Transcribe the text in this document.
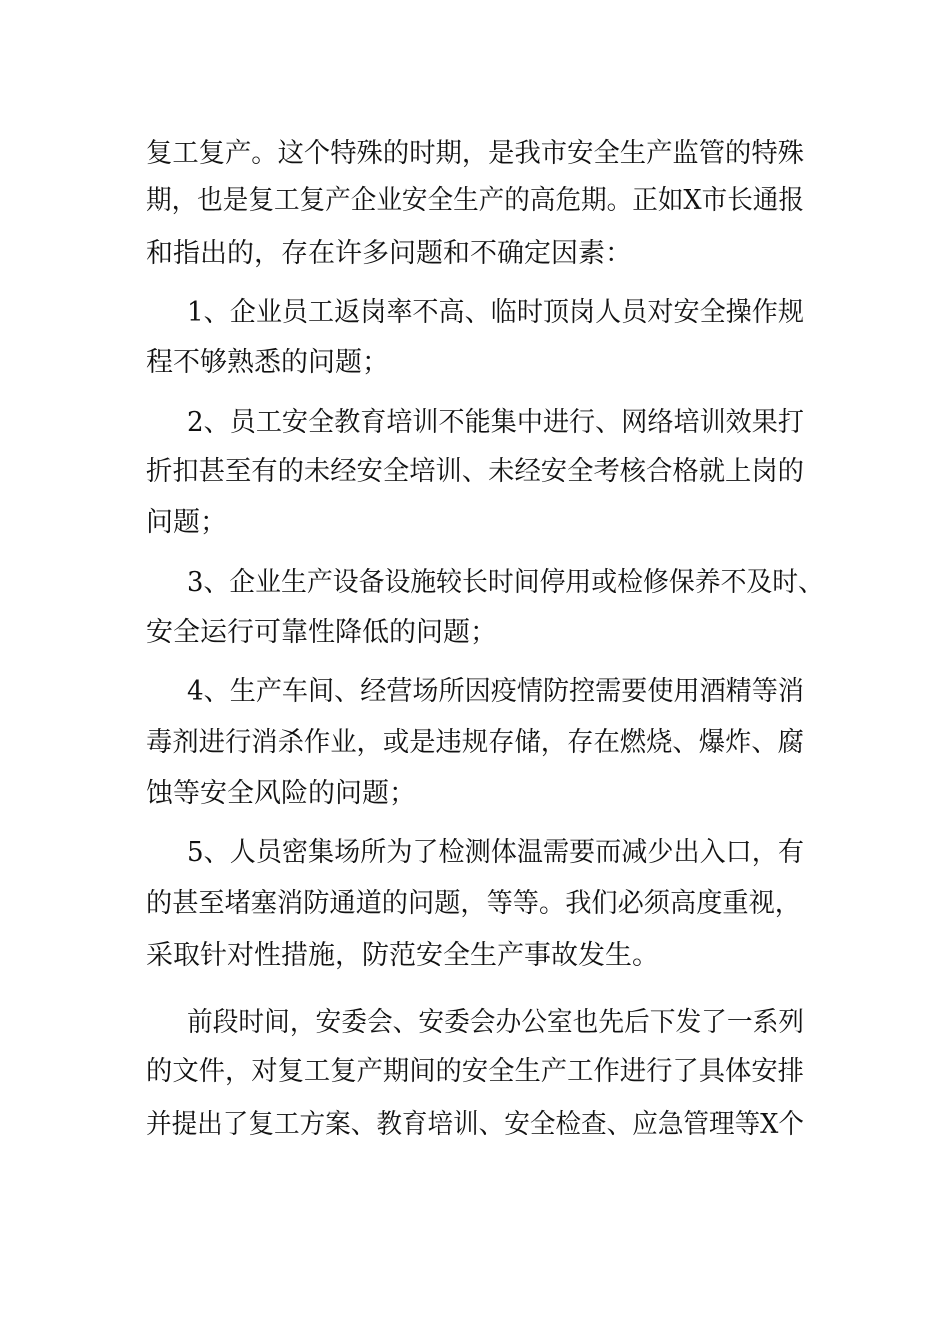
复工复产。这个特殊的时期，是我市安全生产监管的特殊
期，也是复工复产企业安全生产的高危期。正如X市长通报
和指出的，存在许多问题和不确定因素：
1、企业员工返岗率不高、临时顶岗人员对安全操作规
程不够熟悉的问题；
2、员工安全教育培训不能集中进行、网络培训效果打
折扣甚至有的未经安全培训、未经安全考核合格就上岗的
问题；
3、企业生产设备设施较长时间停用或检修保养不及时、
安全运行可靠性降低的问题；
4、生产车间、经营场所因疫情防控需要使用酒精等消
毒剂进行消杀作业，或是违规存储，存在燃烧、爆炸、腐
蚀等安全风险的问题；
5、人员密集场所为了检测体温需要而减少出入口，有
的甚至堵塞消防通道的问题，等等。我们必须高度重视，
采取针对性措施，防范安全生产事故发生。
前段时间，安委会、安委会办公室也先后下发了一系列
的文件，对复工复产期间的安全生产工作进行了具体安排
并提出了复工方案、教育培训、安全检查、应急管理等X个
